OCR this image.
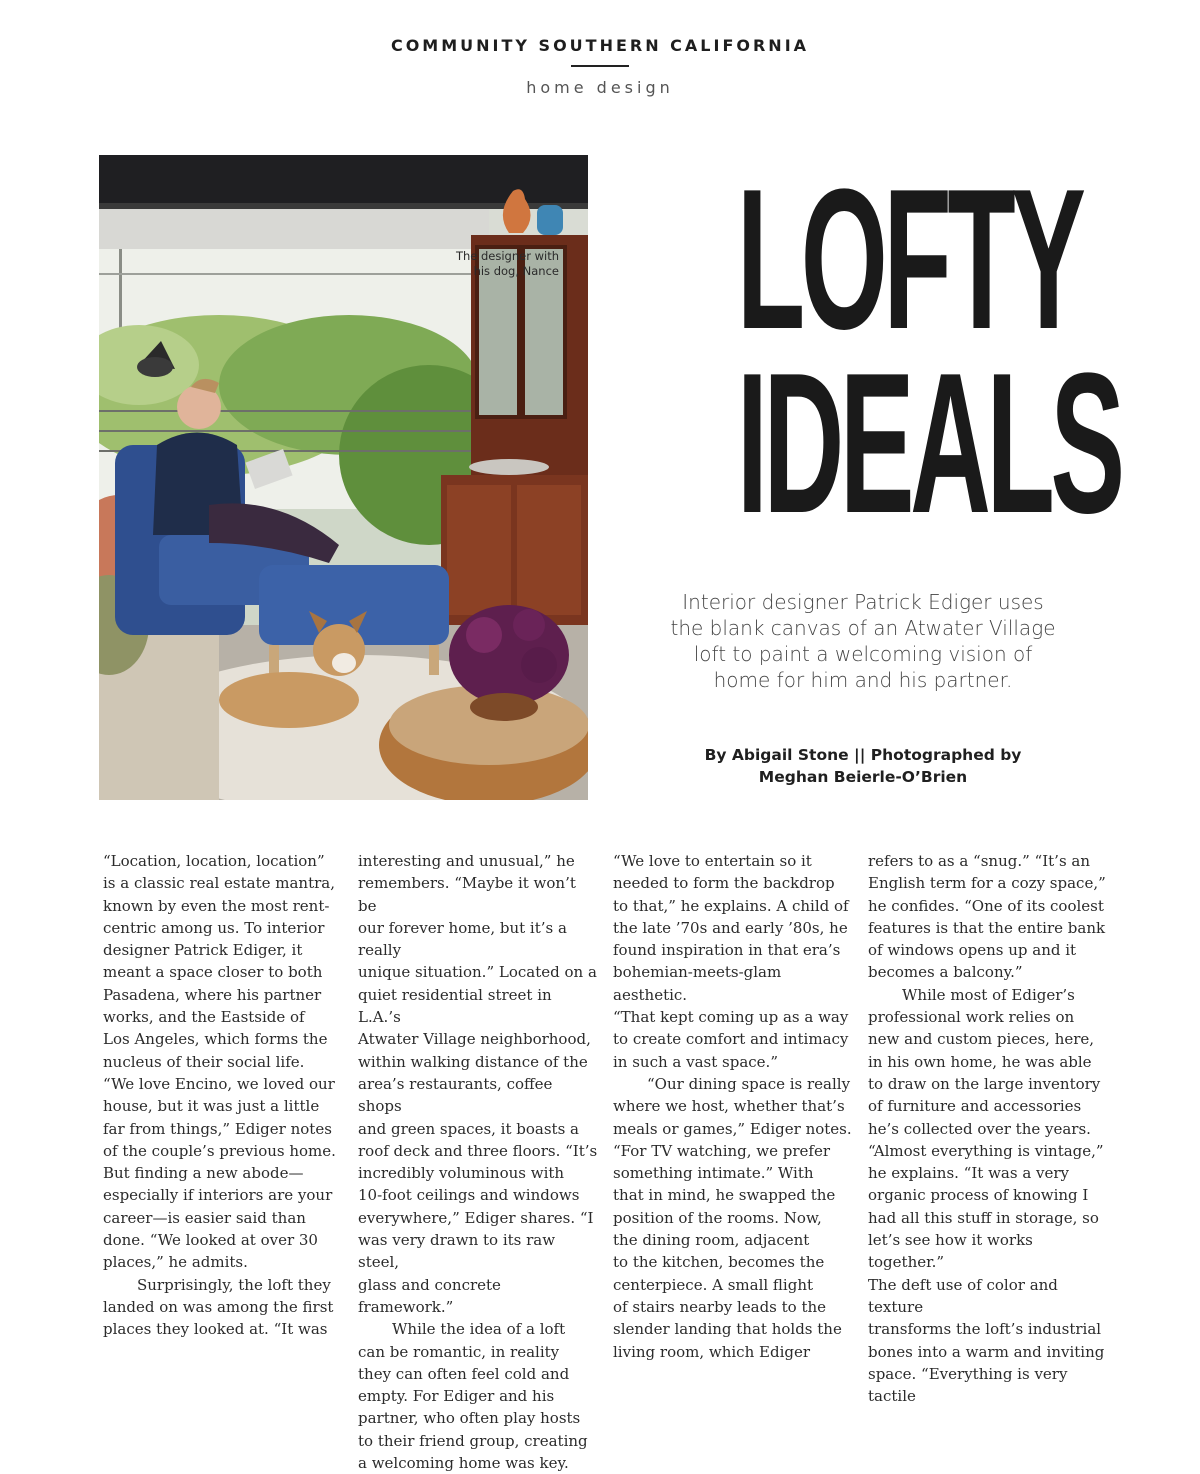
COMMUNITY SOUTHERN CALIFORNIA
home design
The designer with
his dog, Nance LOFTY
IDEALS

Interior designer Patrick Ediger uses the blank canvas of an Atwater Village loft to paint a welcoming vision of home for him and his partner.

By Abigail Stone || Photographed by
Meghan Beierle-O’Brien

“Location, location, location”
is a classic real estate mantra,
known by even the most rent-
centric among us. To interior
designer Patrick Ediger, it
meant a space closer to both
Pasadena, where his partner
works, and the Eastside of
Los Angeles, which forms the
nucleus of their social life.
“We love Encino, we loved our
house, but it was just a little
far from things,” Ediger notes
of the couple’s previous home.
But finding a new abode—
especially if interiors are your
career—is easier said than
done. “We looked at over 30
places,” he admits.

Surprisingly, the loft they
landed on was among the first
places they looked at. “It was

interesting and unusual,” he
remembers. “Maybe it won’t be
our forever home, but it’s a really
unique situation.” Located on a
quiet residential street in L.A.’s
Atwater Village neighborhood,
within walking distance of the
area’s restaurants, coffee shops
and green spaces, it boasts a
roof deck and three floors. “It’s
incredibly voluminous with
10-foot ceilings and windows
everywhere,” Ediger shares. “I
was very drawn to its raw steel,
glass and concrete framework.”

While the idea of a loft
can be romantic, in reality
they can often feel cold and
empty. For Ediger and his
partner, who often play hosts
to their friend group, creating
a welcoming home was key.

“We love to entertain so it
needed to form the backdrop
to that,” he explains. A child of
the late ’70s and early ’80s, he
found inspiration in that era’s
bohemian-meets-glam aesthetic.
“That kept coming up as a way
to create comfort and intimacy
in such a vast space.”

“Our dining space is really
where we host, whether that’s
meals or games,” Ediger notes.
“For TV watching, we prefer
something intimate.” With
that in mind, he swapped the
position of the rooms. Now,
the dining room, adjacent
to the kitchen, becomes the
centerpiece. A small flight
of stairs nearby leads to the
slender landing that holds the
living room, which Ediger

refers to as a “snug.” “It’s an
English term for a cozy space,”
he confides. “One of its coolest
features is that the entire bank
of windows opens up and it
becomes a balcony.”

While most of Ediger’s
professional work relies on
new and custom pieces, here,
in his own home, he was able
to draw on the large inventory
of furniture and accessories
he’s collected over the years.
“Almost everything is vintage,”
he explains. “It was a very
organic process of knowing I
had all this stuff in storage, so
let’s see how it works together.”
The deft use of color and texture
transforms the loft’s industrial
bones into a warm and inviting
space. “Everything is very tactile
